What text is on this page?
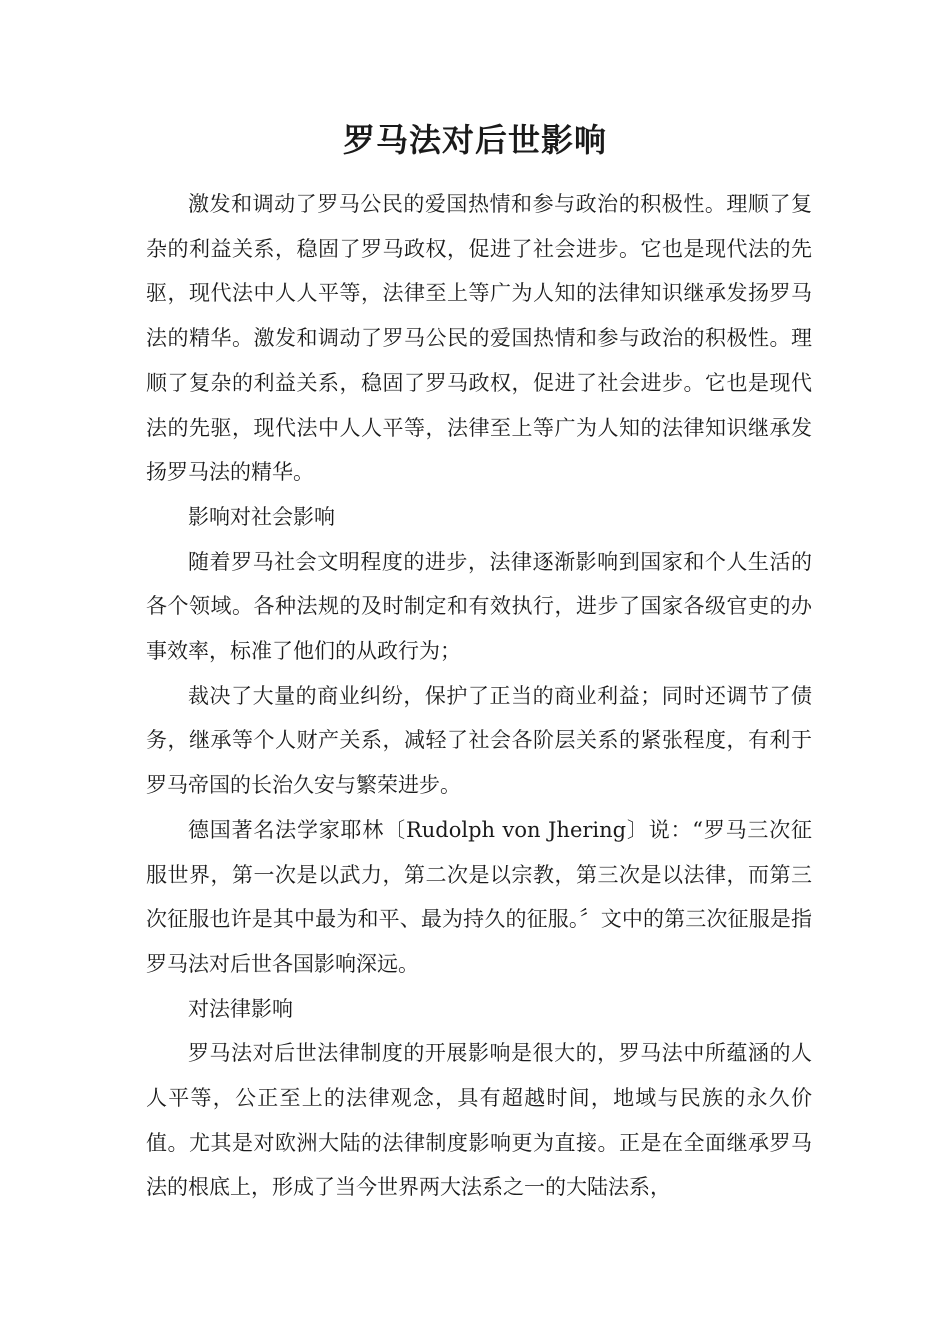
罗马法对后世影响

激发和调动了罗马公民的爱国热情和参与政治的积极性。理顺了复杂的利益关系，稳固了罗马政权，促进了社会进步。它也是现代法的先驱，现代法中人人平等，法律至上等广为人知的法律知识继承发扬罗马法的精华。激发和调动了罗马公民的爱国热情和参与政治的积极性。理顺了复杂的利益关系，稳固了罗马政权，促进了社会进步。它也是现代法的先驱，现代法中人人平等，法律至上等广为人知的法律知识继承发扬罗马法的精华。

影响对社会影响

随着罗马社会文明程度的进步，法律逐渐影响到国家和个人生活的各个领域。各种法规的及时制定和有效执行，进步了国家各级官吏的办事效率，标准了他们的从政行为；

裁决了大量的商业纠纷，保护了正当的商业利益；同时还调节了债务，继承等个人财产关系，减轻了社会各阶层关系的紧张程度，有利于罗马帝国的长治久安与繁荣进步。

德国著名法学家耶林〔Rudolph von Jhering〕说：“罗马三次征服世界，第一次是以武力，第二次是以宗教，第三次是以法律，而第三次征服也许是其中最为和平、最为持久的征服。〞文中的第三次征服是指罗马法对后世各国影响深远。

对法律影响

罗马法对后世法律制度的开展影响是很大的，罗马法中所蕴涵的人人平等，公正至上的法律观念，具有超越时间，地域与民族的永久价值。尤其是对欧洲大陆的法律制度影响更为直接。正是在全面继承罗马法的根底上，形成了当今世界两大法系之一的大陆法系，
